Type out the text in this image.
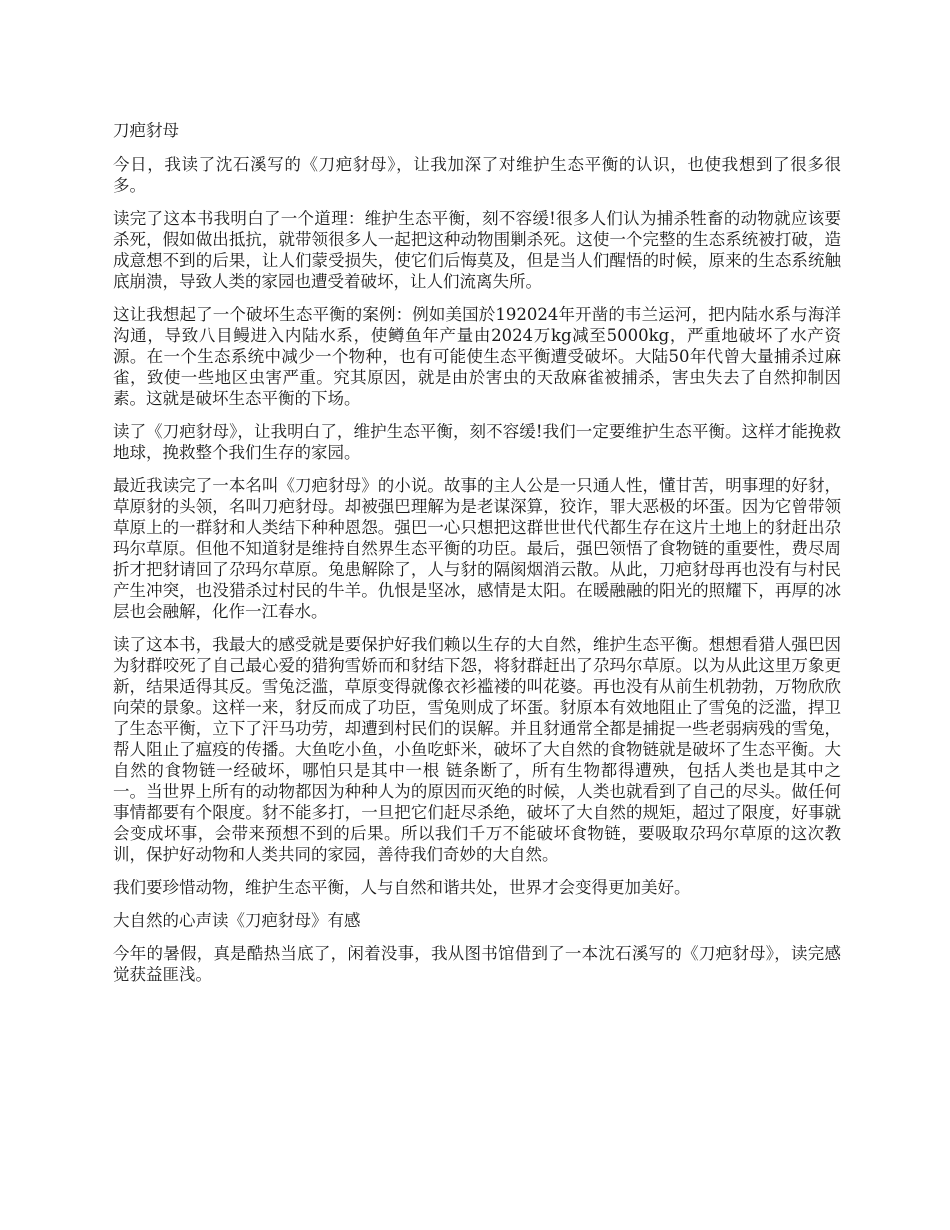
刀疤豺母

今日，我读了沈石溪写的《刀疤豺母》，让我加深了对维护生态平衡的认识，也使我想到了很多很多。

读完了这本书我明白了一个道理：维护生态平衡，刻不容缓!很多人们认为捕杀牲畜的动物就应该要杀死，假如做出抵抗，就带领很多人一起把这种动物围剿杀死。这使一个完整的生态系统被打破，造成意想不到的后果，让人们蒙受损失，使它们后悔莫及，但是当人们醒悟的时候，原来的生态系统触底崩溃，导致人类的家园也遭受着破坏，让人们流离失所。

这让我想起了一个破坏生态平衡的案例：例如美国於192024年开凿的韦兰运河，把内陆水系与海洋沟通，导致八目鳗进入内陆水系，使鳟鱼年产量由2024万kg减至5000kg，严重地破坏了水产资源。在一个生态系统中减少一个物种，也有可能使生态平衡遭受破坏。大陆50年代曾大量捕杀过麻雀，致使一些地区虫害严重。究其原因，就是由於害虫的天敌麻雀被捕杀，害虫失去了自然抑制因素。这就是破坏生态平衡的下场。

读了《刀疤豺母》，让我明白了，维护生态平衡，刻不容缓!我们一定要维护生态平衡。这样才能挽救地球，挽救整个我们生存的家园。

最近我读完了一本名叫《刀疤豺母》的小说。故事的主人公是一只通人性，懂甘苦，明事理的好豺，草原豺的头领，名叫刀疤豺母。却被强巴理解为是老谋深算，狡诈，罪大恶极的坏蛋。因为它曾带领草原上的一群豺和人类结下种种恩怨。强巴一心只想把这群世世代代都生存在这片土地上的豺赶出尕玛尔草原。但他不知道豺是维持自然界生态平衡的功臣。最后，强巴领悟了食物链的重要性，费尽周折才把豺请回了尕玛尔草原。兔患解除了，人与豺的隔阂烟消云散。从此，刀疤豺母再也没有与村民产生冲突，也没猎杀过村民的牛羊。仇恨是坚冰，感情是太阳。在暖融融的阳光的照耀下，再厚的冰层也会融解，化作一江春水。

读了这本书，我最大的感受就是要保护好我们赖以生存的大自然，维护生态平衡。想想看猎人强巴因为豺群咬死了自己最心爱的猎狗雪娇而和豺结下怨，将豺群赶出了尕玛尔草原。以为从此这里万象更新，结果适得其反。雪兔泛滥，草原变得就像衣衫褴褛的叫花婆。再也没有从前生机勃勃，万物欣欣向荣的景象。这样一来，豺反而成了功臣，雪兔则成了坏蛋。豺原本有效地阻止了雪兔的泛滥，捍卫了生态平衡，立下了汗马功劳，却遭到村民们的误解。并且豺通常全都是捕捉一些老弱病残的雪兔，帮人阻止了瘟疫的传播。大鱼吃小鱼，小鱼吃虾米，破坏了大自然的食物链就是破坏了生态平衡。大自然的食物链一经破坏，哪怕只是其中一根 链条断了，所有生物都得遭殃，包括人类也是其中之一。当世界上所有的动物都因为种种人为的原因而灭绝的时候，人类也就看到了自己的尽头。做任何事情都要有个限度。豺不能多打，一旦把它们赶尽杀绝，破坏了大自然的规矩，超过了限度，好事就会变成坏事，会带来预想不到的后果。所以我们千万不能破坏食物链，要吸取尕玛尔草原的这次教训，保护好动物和人类共同的家园，善待我们奇妙的大自然。

我们要珍惜动物，维护生态平衡，人与自然和谐共处，世界才会变得更加美好。

大自然的心声读《刀疤豺母》有感

今年的暑假，真是酷热当底了，闲着没事，我从图书馆借到了一本沈石溪写的《刀疤豺母》，读完感觉获益匪浅。
